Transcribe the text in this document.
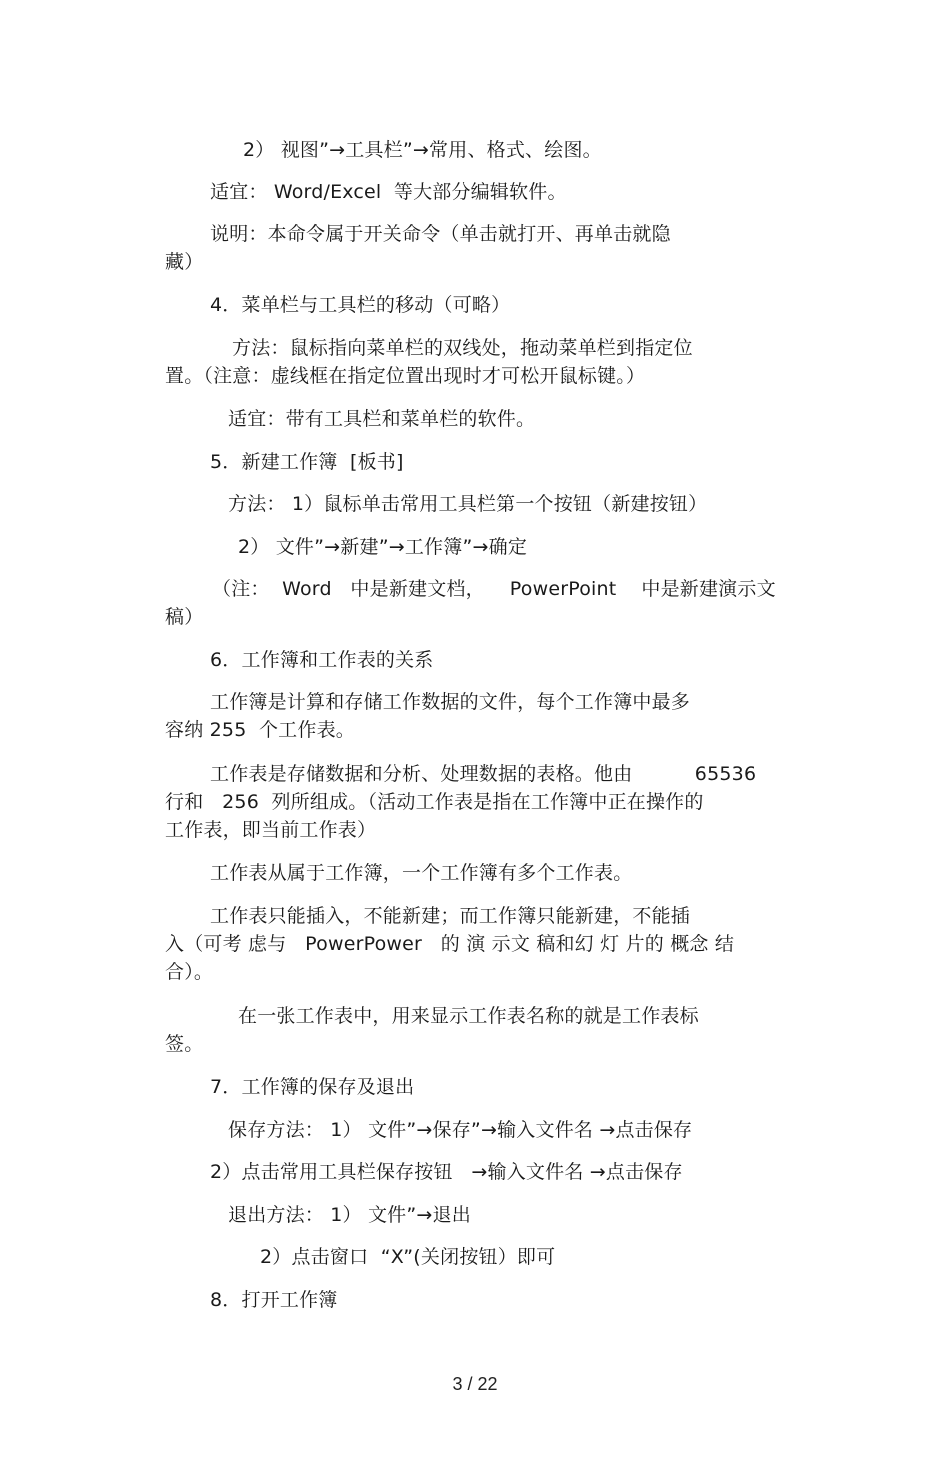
2） 视图”→工具栏”→常用、格式、绘图。
适宜： Word/Excel  等大部分编辑软件。
说明：本命令属于开关命令（单击就打开、再单击就隐
藏）
4．菜单栏与工具栏的移动（可略）
方法：鼠标指向菜单栏的双线处，拖动菜单栏到指定位
置。（注意：虚线框在指定位置出现时才可松开鼠标键。）
适宜：带有工具栏和菜单栏的软件。
5．新建工作簿  [板书]
方法： 1）鼠标单击常用工具栏第一个按钮（新建按钮）
2） 文件”→新建”→工作簿”→确定
（注：  Word   中是新建文档，    PowerPoint    中是新建演示文
稿）
6．工作簿和工作表的关系
工作簿是计算和存储工作数据的文件，每个工作簿中最多
容纳 255  个工作表。
工作表是存储数据和分析、处理数据的表格。他由          65536
行和   256  列所组成。（活动工作表是指在工作簿中正在操作的
工作表，即当前工作表）
工作表从属于工作簿，一个工作簿有多个工作表。
工作表只能插入，不能新建；而工作簿只能新建，不能插
入（可考 虑与   PowerPower   的 演 示文 稿和幻 灯 片的 概念 结
合）。
在一张工作表中，用来显示工作表名称的就是工作表标
签。
7．工作簿的保存及退出
保存方法： 1） 文件”→保存”→输入文件名 →点击保存
2）点击常用工具栏保存按钮   →输入文件名 →点击保存
退出方法： 1） 文件”→退出
2）点击窗口  “X”(关闭按钮）即可
8．打开工作簿
3 / 22
